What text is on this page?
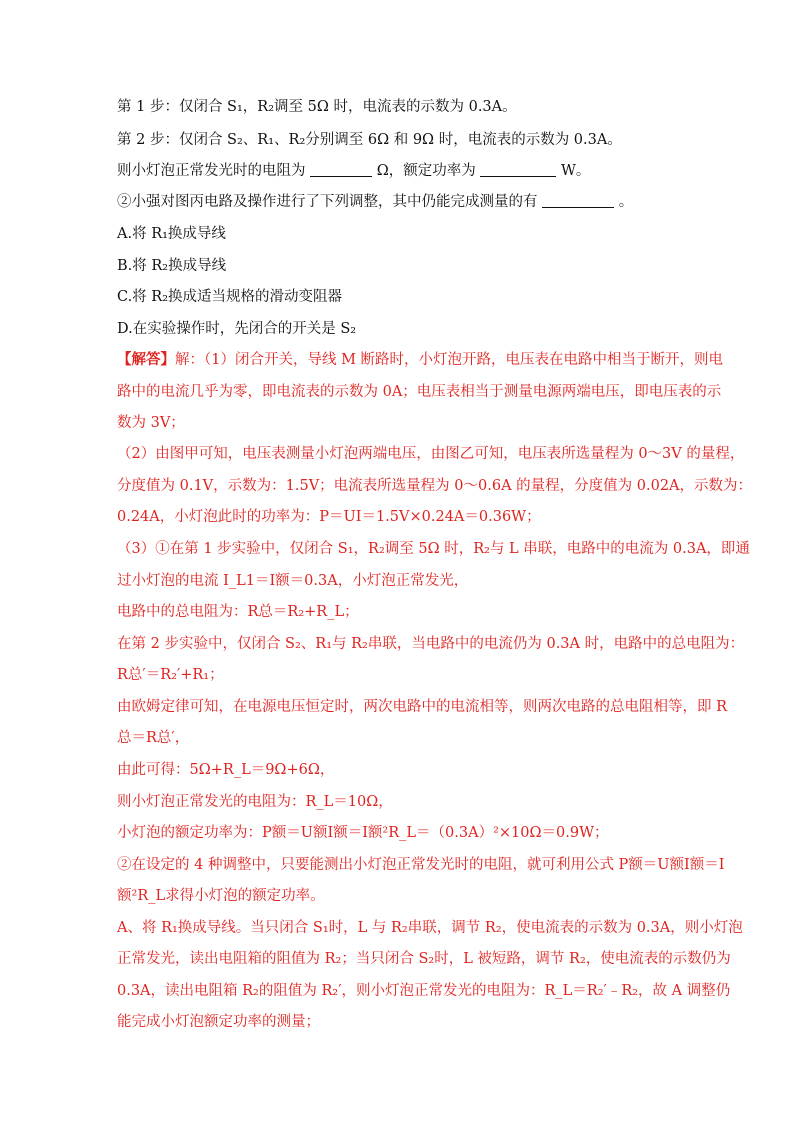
第 1 步：仅闭合 S₁，R₂调至 5Ω 时，电流表的示数为 0.3A。
第 2 步：仅闭合 S₂、R₁、R₂分别调至 6Ω 和 9Ω 时，电流表的示数为 0.3A。
则小灯泡正常发光时的电阻为	Ω，额定功率为	W。
②小强对图丙电路及操作进行了下列调整，其中仍能完成测量的有	。
A.将 R₁换成导线
B.将 R₂换成导线
C.将 R₂换成适当规格的滑动变阻器
D.在实验操作时，先闭合的开关是 S₂
【解答】解：（1）闭合开关，导线 M 断路时，小灯泡开路，电压表在电路中相当于断开，则电
路中的电流几乎为零，即电流表的示数为 0A；电压表相当于测量电源两端电压，即电压表的示
数为 3V；
（2）由图甲可知，电压表测量小灯泡两端电压，由图乙可知，电压表所选量程为 0～3V 的量程，
分度值为 0.1V，示数为：1.5V；电流表所选量程为 0～0.6A 的量程，分度值为 0.02A，示数为：
0.24A，小灯泡此时的功率为：P＝UI＝1.5V×0.24A＝0.36W；
（3）①在第 1 步实验中，仅闭合 S₁，R₂调至 5Ω 时，R₂与 L 串联，电路中的电流为 0.3A，即通
过小灯泡的电流 I_L1＝I额＝0.3A，小灯泡正常发光，
电路中的总电阻为：R总＝R₂+R_L；
在第 2 步实验中，仅闭合 S₂、R₁与 R₂串联，当电路中的电流仍为 0.3A 时，电路中的总电阻为：
R总′＝R₂′+R₁；
由欧姆定律可知，在电源电压恒定时，两次电路中的电流相等，则两次电路的总电阻相等，即 R
总＝R总′，
由此可得：5Ω+R_L＝9Ω+6Ω，
则小灯泡正常发光的电阻为：R_L＝10Ω，
小灯泡的额定功率为：P额＝U额I额＝I额²R_L＝（0.3A）²×10Ω＝0.9W；
②在设定的 4 种调整中，只要能测出小灯泡正常发光时的电阻，就可利用公式 P额＝U额I额＝I
额²R_L求得小灯泡的额定功率。
A、将 R₁换成导线。当只闭合 S₁时，L 与 R₂串联，调节 R₂，使电流表的示数为 0.3A，则小灯泡
正常发光，读出电阻箱的阻值为 R₂；当只闭合 S₂时，L 被短路，调节 R₂，使电流表的示数仍为
0.3A，读出电阻箱 R₂的阻值为 R₂′，则小灯泡正常发光的电阻为：R_L＝R₂′﹣R₂，故 A 调整仍
能完成小灯泡额定功率的测量；
